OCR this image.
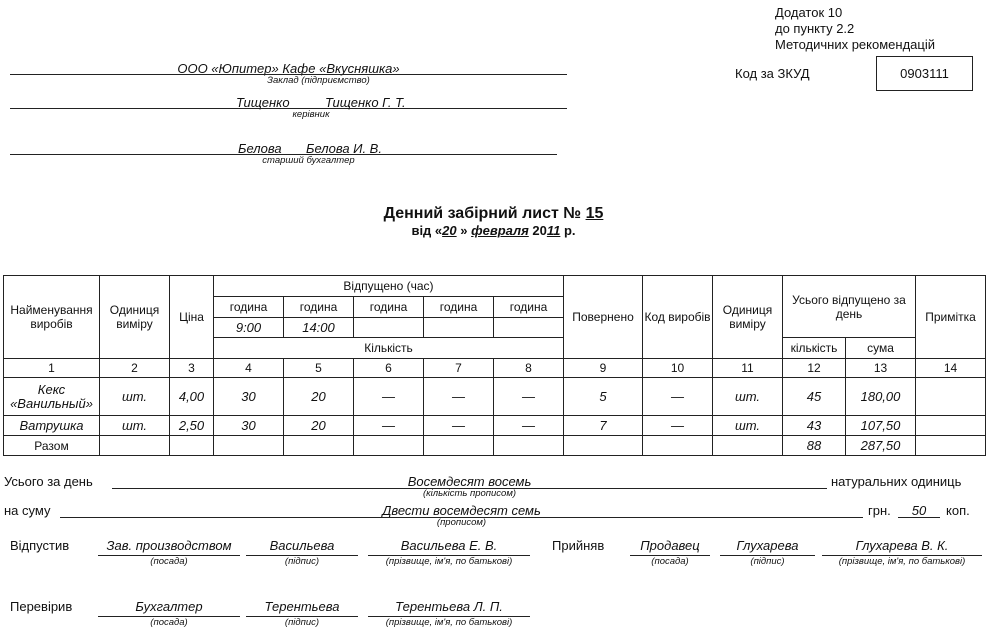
Додаток 10
до пункту 2.2
Методичних рекомендацій
Код за ЗКУД	0903111
ООО «Юпитер» Кафе «Вкусняшка»
Заклад (підприємство)
Тищенко	Тищенко Г. Т.
керівник
Белова Белова И. В.
старший бухгалтер
Денний забірний лист № 15
від «20 » февраля 2011 р.
Найменування виробів	Одиниця виміру	Ціна	Відпущено (час)					Повернено	Код виробів	Одиниця виміру	Усього відпущено за день		Примітка
			година	година	година	година	година						
			9:00	14:00									
			Кількість								кількість	сума	
1	2	3	4	5	6	7	8	9	10	11	12	13	14
Кекс «Ванильный»	шт.	4,00	30	20	—	—	—	5	—	шт.	45	180,00	
Ватрушка	шт.	2,50	30	20	—	—	—	7	—	шт.	43	107,50	
Разом											88	287,50	
Усього за день	Восемдесят восемь
(кількість прописом)
натуральних одиниць
на суму	Двести восемдесят семь
(прописом)
грн.	50	коп.
Відпустив	Зав. производством
(посада)
Васильева
(підпис)
Васильева Е. В.
(прізвище, ім'я, по батькові)
Прийняв	Продавец
(посада)
Глухарева
(підпис)
Глухарева В. К.
(прізвище, ім'я, по батькові)
Перевірив	Бухгалтер
(посада)
Терентьева
(підпис)
Терентьева Л. П.
(прізвище, ім'я, по батькові)
